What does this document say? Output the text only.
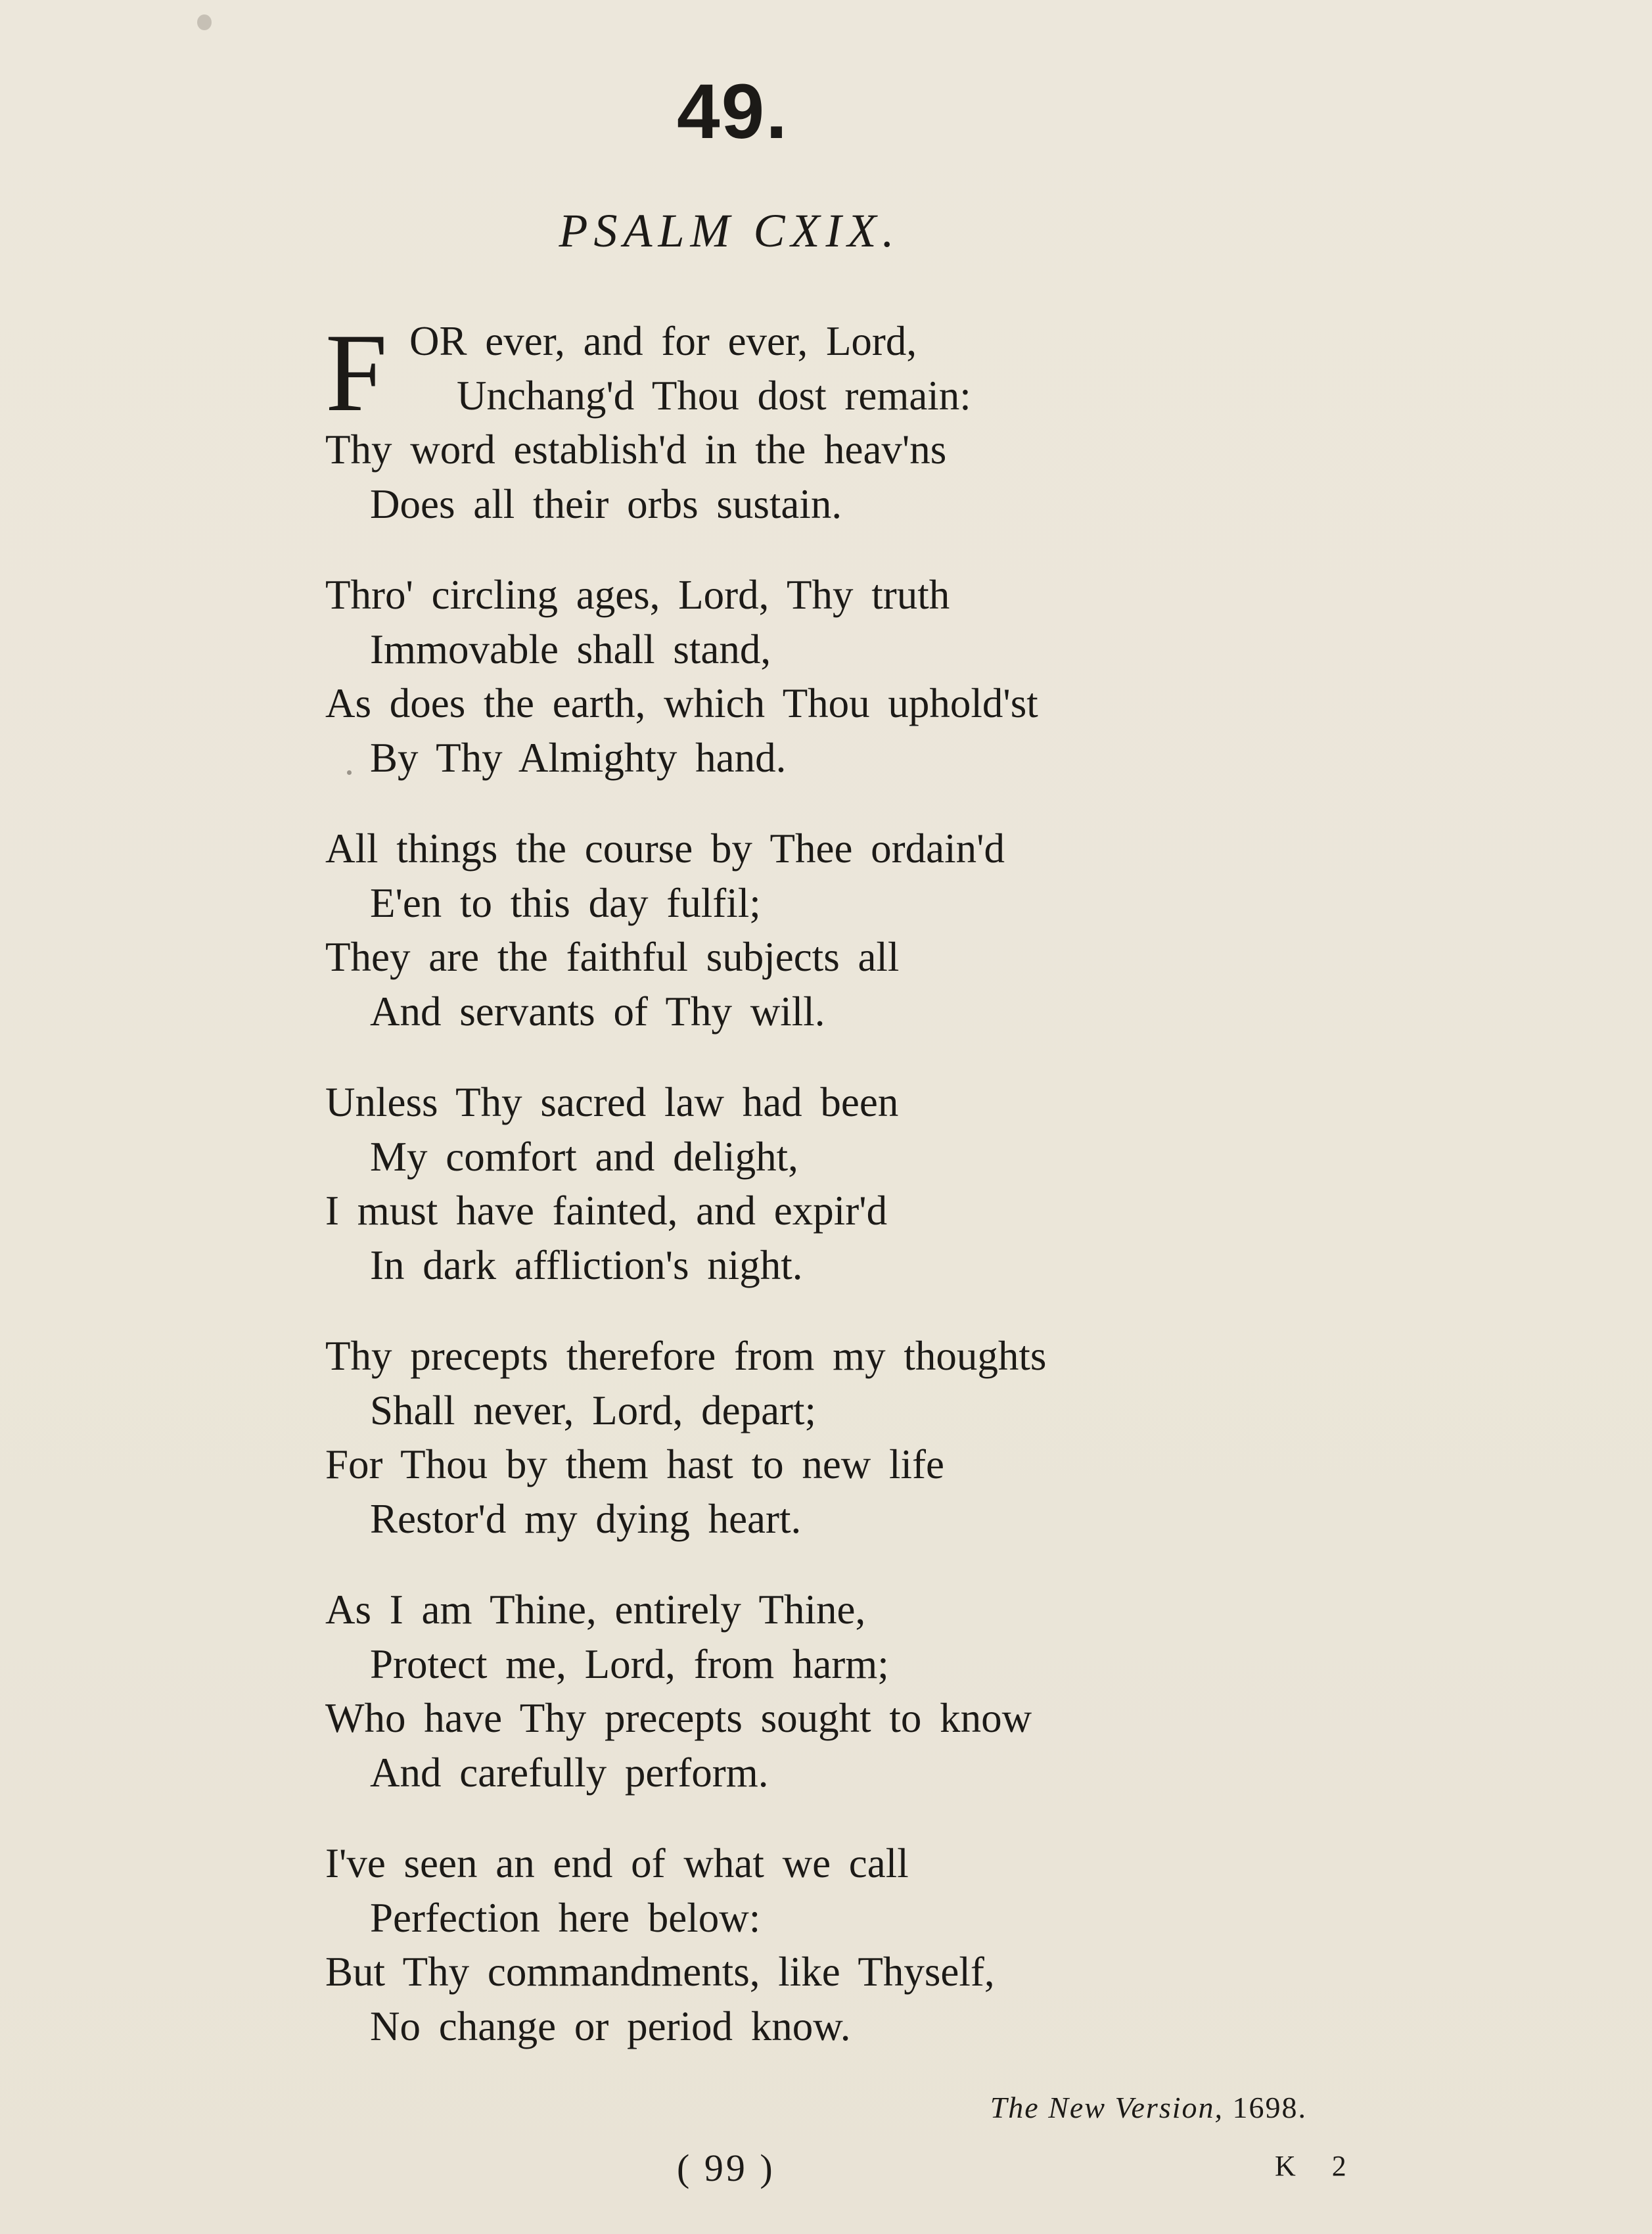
49.
PSALM CXIX.
F OR ever, and for ever, Lord,
Unchang'd Thou dost remain:
Thy word establish'd in the heav'ns
Does all their orbs sustain.
Thro' circling ages, Lord, Thy truth
Immovable shall stand,
As does the earth, which Thou uphold'st
By Thy Almighty hand.
All things the course by Thee ordain'd
E'en to this day fulfil;
They are the faithful subjects all
And servants of Thy will.
Unless Thy sacred law had been
My comfort and delight,
I must have fainted, and expir'd
In dark affliction's night.
Thy precepts therefore from my thoughts
Shall never, Lord, depart;
For Thou by them hast to new life
Restor'd my dying heart.
As I am Thine, entirely Thine,
Protect me, Lord, from harm;
Who have Thy precepts sought to know
And carefully perform.
I've seen an end of what we call
Perfection here below:
But Thy commandments, like Thyself,
No change or period know.
The New Version, 1698.
( 99 )	K 2
